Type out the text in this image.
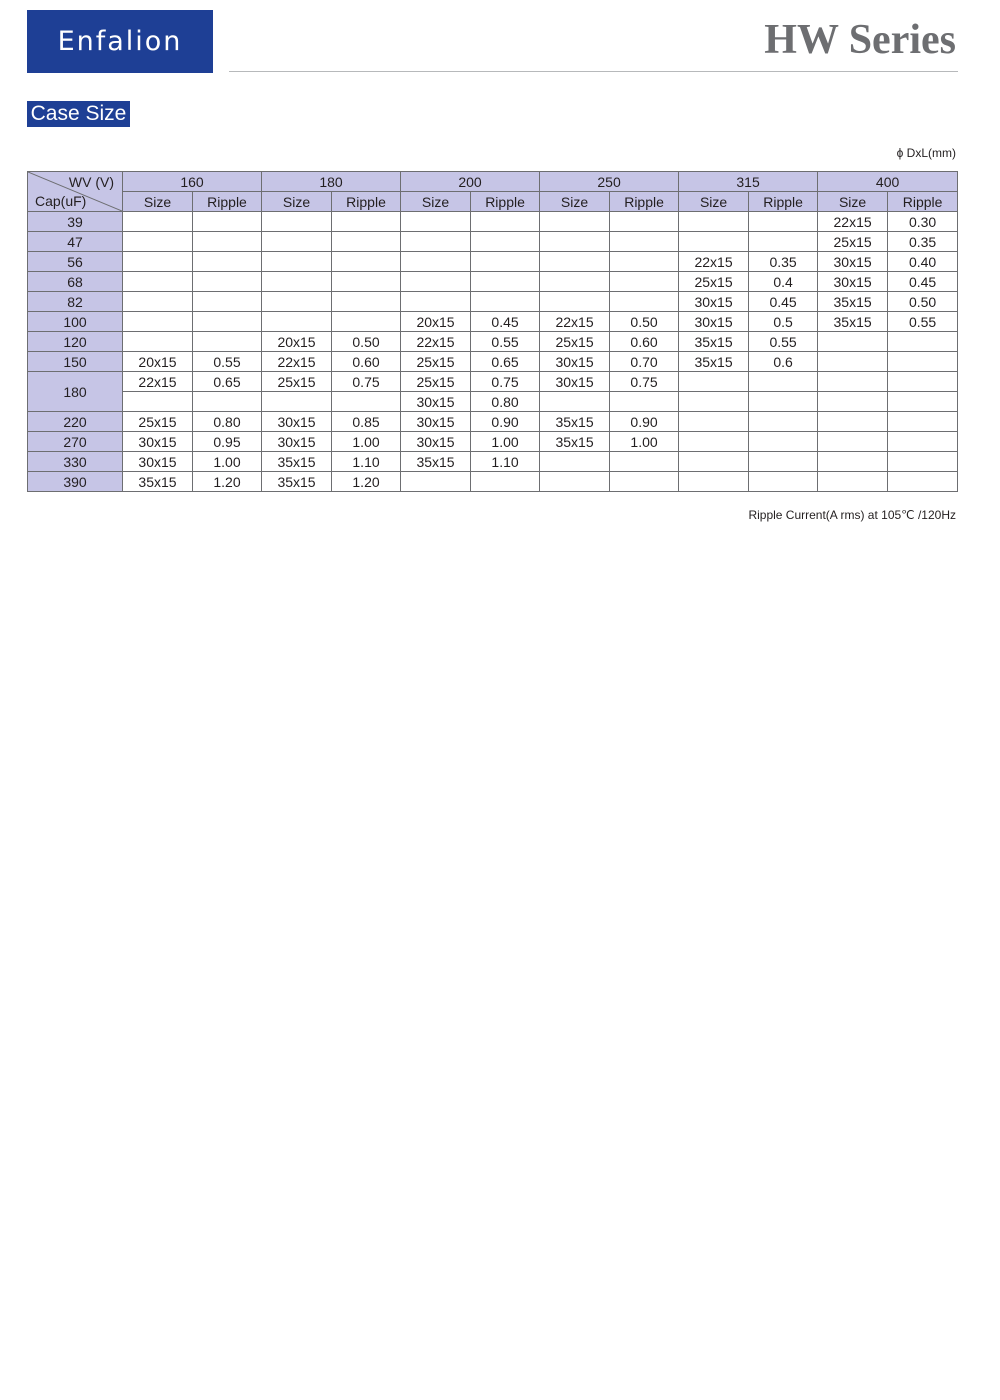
Enfalion	HW Series
Case Size
ϕ DxL(mm)
WV (V)
Cap(uF)	160		180		200		250		315		400	
	Size	Ripple	Size	Ripple	Size	Ripple	Size	Ripple	Size	Ripple	Size	Ripple
39											22x15	0.30
47											25x15	0.35
56									22x15	0.35	30x15	0.40
68									25x15	0.4	30x15	0.45
82									30x15	0.45	35x15	0.50
100					20x15	0.45	22x15	0.50	30x15	0.5	35x15	0.55
120			20x15	0.50	22x15	0.55	25x15	0.60	35x15	0.55		
150	20x15	0.55	22x15	0.60	25x15	0.65	30x15	0.70	35x15	0.6		
180	22x15	0.65	25x15	0.75	25x15	0.75	30x15	0.75				
					30x15	0.80						
220	25x15	0.80	30x15	0.85	30x15	0.90	35x15	0.90				
270	30x15	0.95	30x15	1.00	30x15	1.00	35x15	1.00				
330	30x15	1.00	35x15	1.10	35x15	1.10						
390	35x15	1.20	35x15	1.20								
Ripple Current(A rms) at 105℃ /120Hz
